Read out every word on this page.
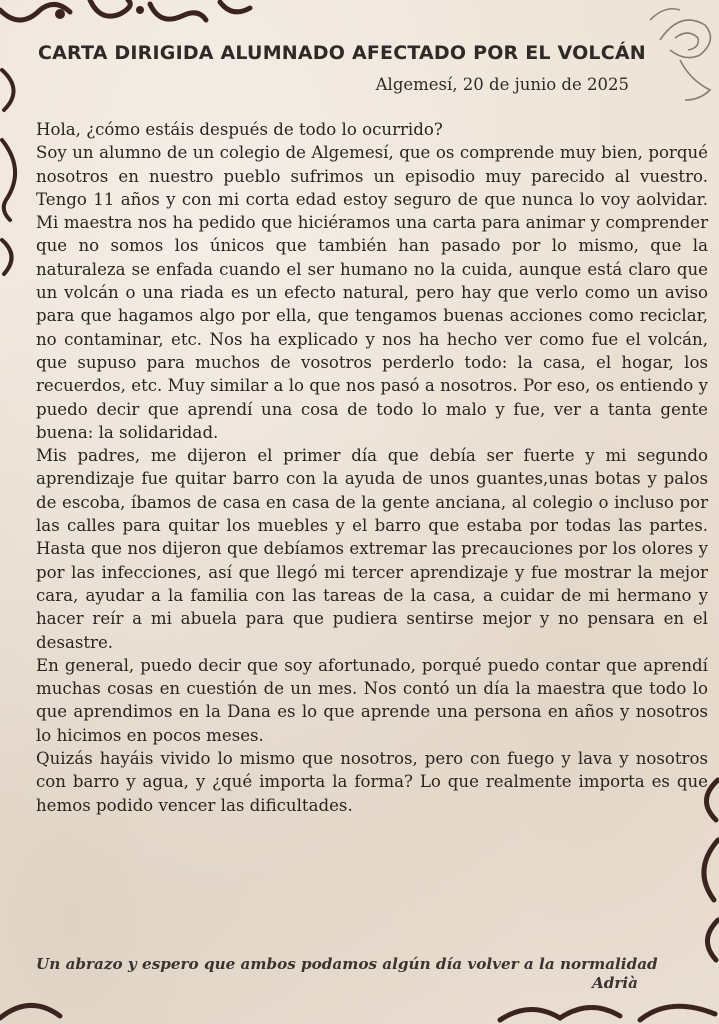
CARTA DIRIGIDA ALUMNADO AFECTADO POR EL VOLCÁN
Algemesí, 20 de junio de 2025

Hola, ¿cómo estáis después de todo lo ocurrido?

Soy un alumno de un colegio de Algemesí, que os comprende muy bien, porqué nosotros en nuestro pueblo sufrimos un episodio muy parecido al vuestro. Tengo 11 años y con mi corta edad estoy seguro de que nunca lo voy aolvidar. Mi maestra nos ha pedido que hiciéramos una carta para animar y comprender que no somos los únicos que también han pasado por lo mismo, que la naturaleza se enfada cuando el ser humano no la cuida, aunque está claro que un volcán o una riada es un efecto natural, pero hay que verlo como un aviso para que hagamos algo por ella, que tengamos buenas acciones como reciclar, no contaminar, etc. Nos ha explicado y nos ha hecho ver como fue el volcán, que supuso para muchos de vosotros perderlo todo: la casa, el hogar, los recuerdos, etc. Muy similar a lo que nos pasó a nosotros. Por eso, os entiendo y puedo decir que aprendí una cosa de todo lo malo y fue, ver a tanta gente buena: la solidaridad.

Mis padres, me dijeron el primer día que debía ser fuerte y mi segundo aprendizaje fue quitar barro con la ayuda de unos guantes,unas botas y palos de escoba, íbamos de casa en casa de la gente anciana, al colegio o incluso por las calles para quitar los muebles y el barro que estaba por todas las partes. Hasta que nos dijeron que debíamos extremar las precauciones por los olores y por las infecciones, así que llegó mi tercer aprendizaje y fue mostrar la mejor cara, ayudar a la familia con las tareas de la casa, a cuidar de mi hermano y hacer reír a mi abuela para que pudiera sentirse mejor y no pensara en el desastre.

En general, puedo decir que soy afortunado, porqué puedo contar que aprendí muchas cosas en cuestión de un mes. Nos contó un día la maestra que todo lo que aprendimos en la Dana es lo que aprende una persona en años y nosotros lo hicimos en pocos meses.

Quizás hayáis vivido lo mismo que nosotros, pero con fuego y lava y nosotros con barro y agua, y ¿qué importa la forma? Lo que realmente importa es que hemos podido vencer las dificultades.

Un abrazo y espero que ambos podamos algún día volver a la normalidad
Adrià
